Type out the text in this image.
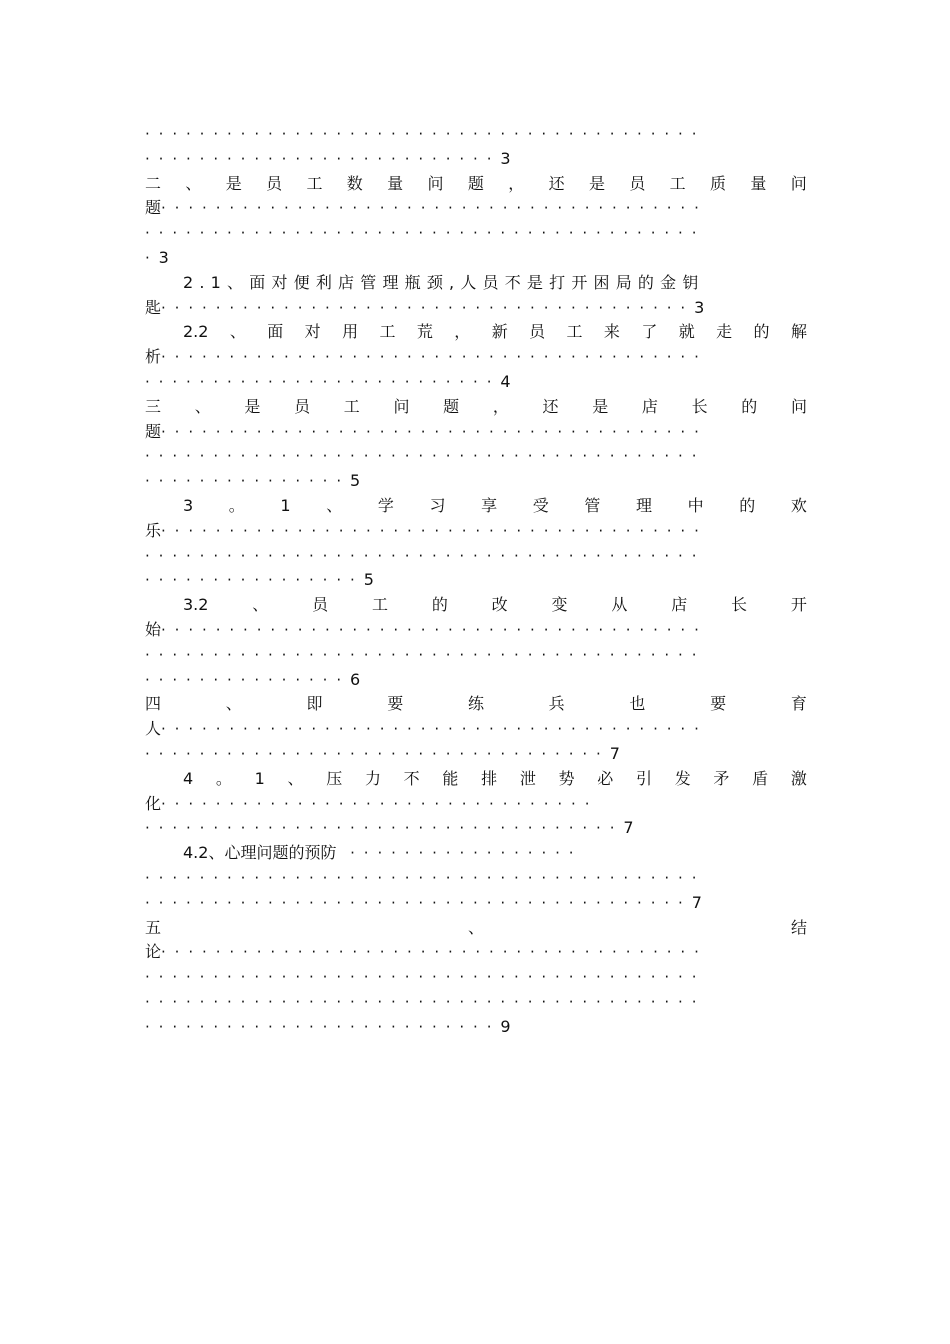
·········································
··························3
二 、 是 员 工 数 量 问 题 ， 还 是 员 工 质 量 问
题········································
·········································
·3
2.1、面对便利店管理瓶颈,人员不是打开困局的金钥
匙·······································3
2.2 、 面 对 用 工 荒 ， 新 员 工 来 了 就 走 的 解
析········································
··························4
三 、 是 员 工 问 题 ， 还 是 店 长 的 问
题········································
·········································
···············5
3 。 1 、 学 习 享 受 管 理 中 的 欢
乐········································
·········································
················5
3.2	、	员	工	的	改	变	从	店	长	开
始········································
·········································
···············6
四	、	即	要	练	兵	也	要	育
人········································
··································7
4 。 1 、 压 力 不 能 排 泄 势 必 引 发 矛 盾 激
化································
···································7
4.2、心理问题的预防 ·················
·········································
········································7
五	、	结
论········································
·········································
·········································
··························9
